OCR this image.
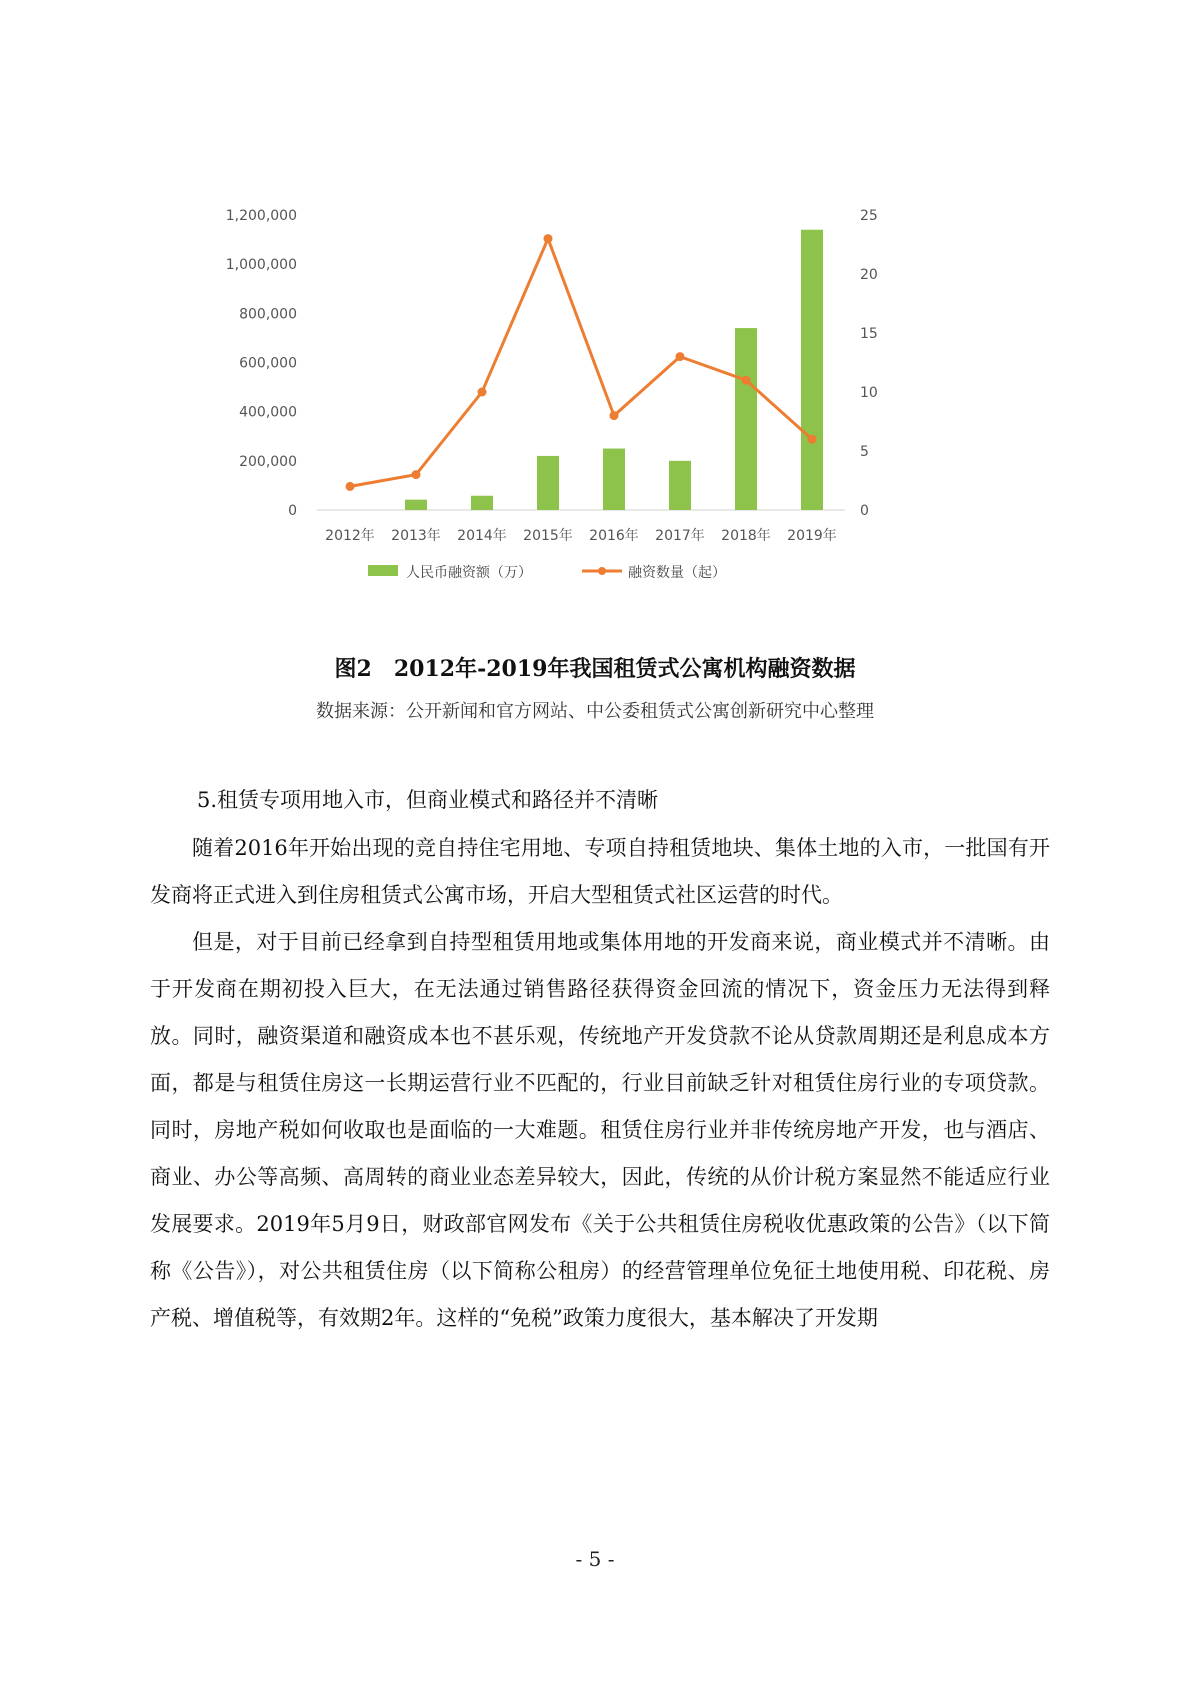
0
200,000
400,000
600,000
800,000
1,000,000
1,200,000
0
5
10
15
20
25
2012年 2013年 2014年 2015年 2016年 2017年 2018年 2019年
人民币融资额（万）	融资数量（起）
图2　2012年-2019年我国租赁式公寓机构融资数据
数据来源：公开新闻和官方网站、中公委租赁式公寓创新研究中心整理
5.租赁专项用地入市，但商业模式和路径并不清晰

随着2016年开始出现的竞自持住宅用地、专项自持租赁地块、集体土地的入市，一批国有开发商将正式进入到住房租赁式公寓市场，开启大型租赁式社区运营的时代。

但是，对于目前已经拿到自持型租赁用地或集体用地的开发商来说，商业模式并不清晰。由于开发商在期初投入巨大，在无法通过销售路径获得资金回流的情况下，资金压力无法得到释放。同时，融资渠道和融资成本也不甚乐观，传统地产开发贷款不论从贷款周期还是利息成本方面，都是与租赁住房这一长期运营行业不匹配的，行业目前缺乏针对租赁住房行业的专项贷款。同时，房地产税如何收取也是面临的一大难题。租赁住房行业并非传统房地产开发，也与酒店、商业、办公等高频、高周转的商业业态差异较大，因此，传统的从价计税方案显然不能适应行业发展要求。2019年5月9日，财政部官网发布《关于公共租赁住房税收优惠政策的公告》（以下简称《公告》），对公共租赁住房（以下简称公租房）的经营管理单位免征土地使用税、印花税、房产税、增值税等，有效期2年。这样的“免税”政策力度很大，基本解决了开发期

- 5 -
